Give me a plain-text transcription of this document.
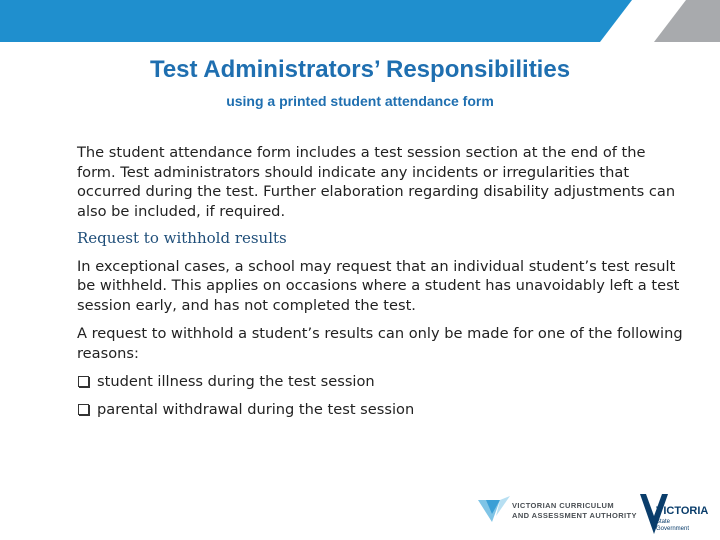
Test Administrators’ Responsibilities

using a printed student attendance form

The student attendance form includes a test session section at the end of the form. Test administrators should indicate any incidents or irregularities that occurred during the test. Further elaboration regarding disability adjustments can also be included, if required.

Request to withhold results

In exceptional cases, a school may request that an individual student’s test result be withheld. This applies on occasions where a student has unavoidably left a test session early, and has not completed the test.

A request to withhold a student’s results can only be made for one of the following reasons:

student illness during the test session
parental withdrawal during the test session
VICTORIAN CURRICULUM
AND ASSESSMENT AUTHORITY VICTORIA
State
Government
